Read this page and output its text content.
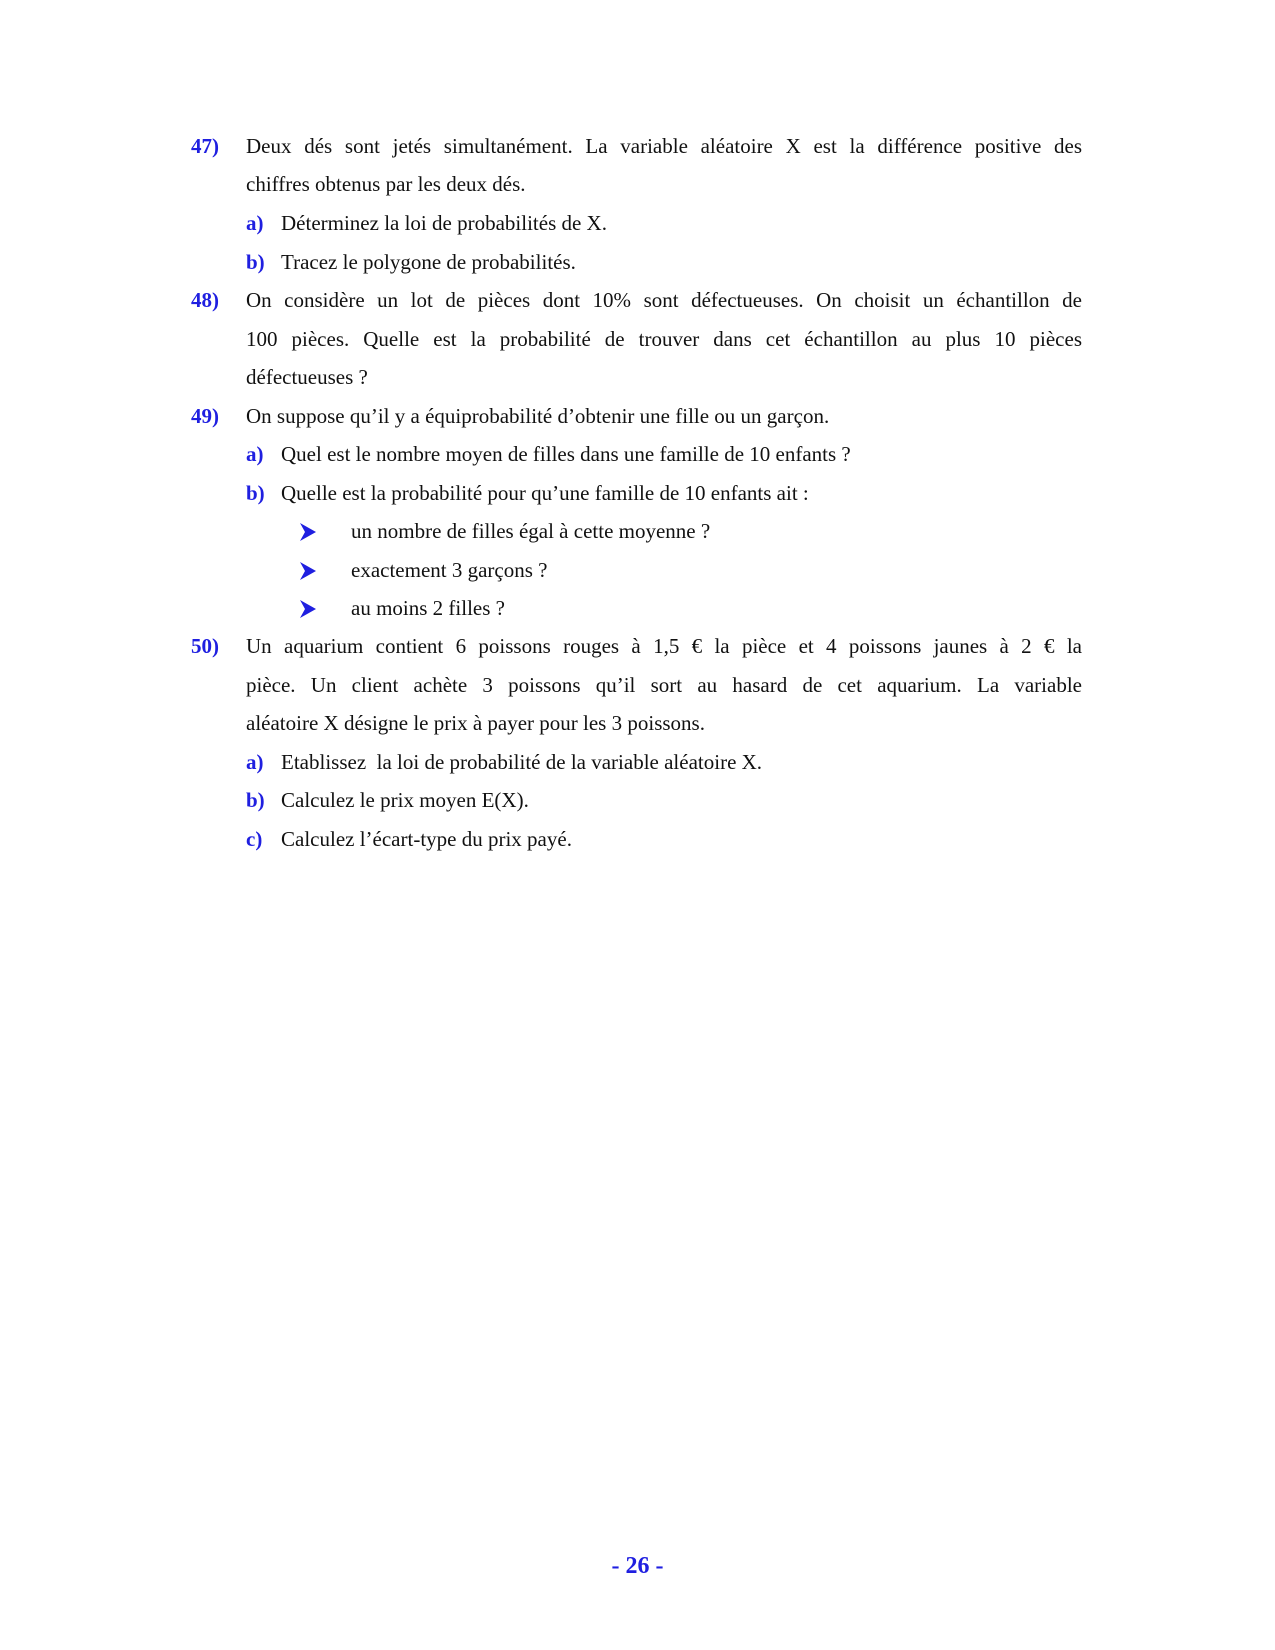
47) Deux dés sont jetés simultanément. La variable aléatoire X est la différence positive des
chiffres obtenus par les deux dés.
a) Déterminez la loi de probabilités de X.
b) Tracez le polygone de probabilités.
48) On considère un lot de pièces dont 10% sont défectueuses. On choisit un échantillon de
100 pièces. Quelle est la probabilité de trouver dans cet échantillon au plus 10 pièces
défectueuses ?
49) On suppose qu’il y a équiprobabilité d’obtenir une fille ou un garçon.
a) Quel est le nombre moyen de filles dans une famille de 10 enfants ?
b) Quelle est la probabilité pour qu’une famille de 10 enfants ait :
un nombre de filles égal à cette moyenne ?
exactement 3 garçons ?
au moins 2 filles ?
50) Un aquarium contient 6 poissons rouges à 1,5 € la pièce et 4 poissons jaunes à 2 € la
pièce. Un client achète 3 poissons qu’il sort au hasard de cet aquarium. La variable
aléatoire X désigne le prix à payer pour les 3 poissons.
a) Etablissez  la loi de probabilité de la variable aléatoire X.
b) Calculez le prix moyen E(X).
c) Calculez l’écart-type du prix payé.
- 26 -
